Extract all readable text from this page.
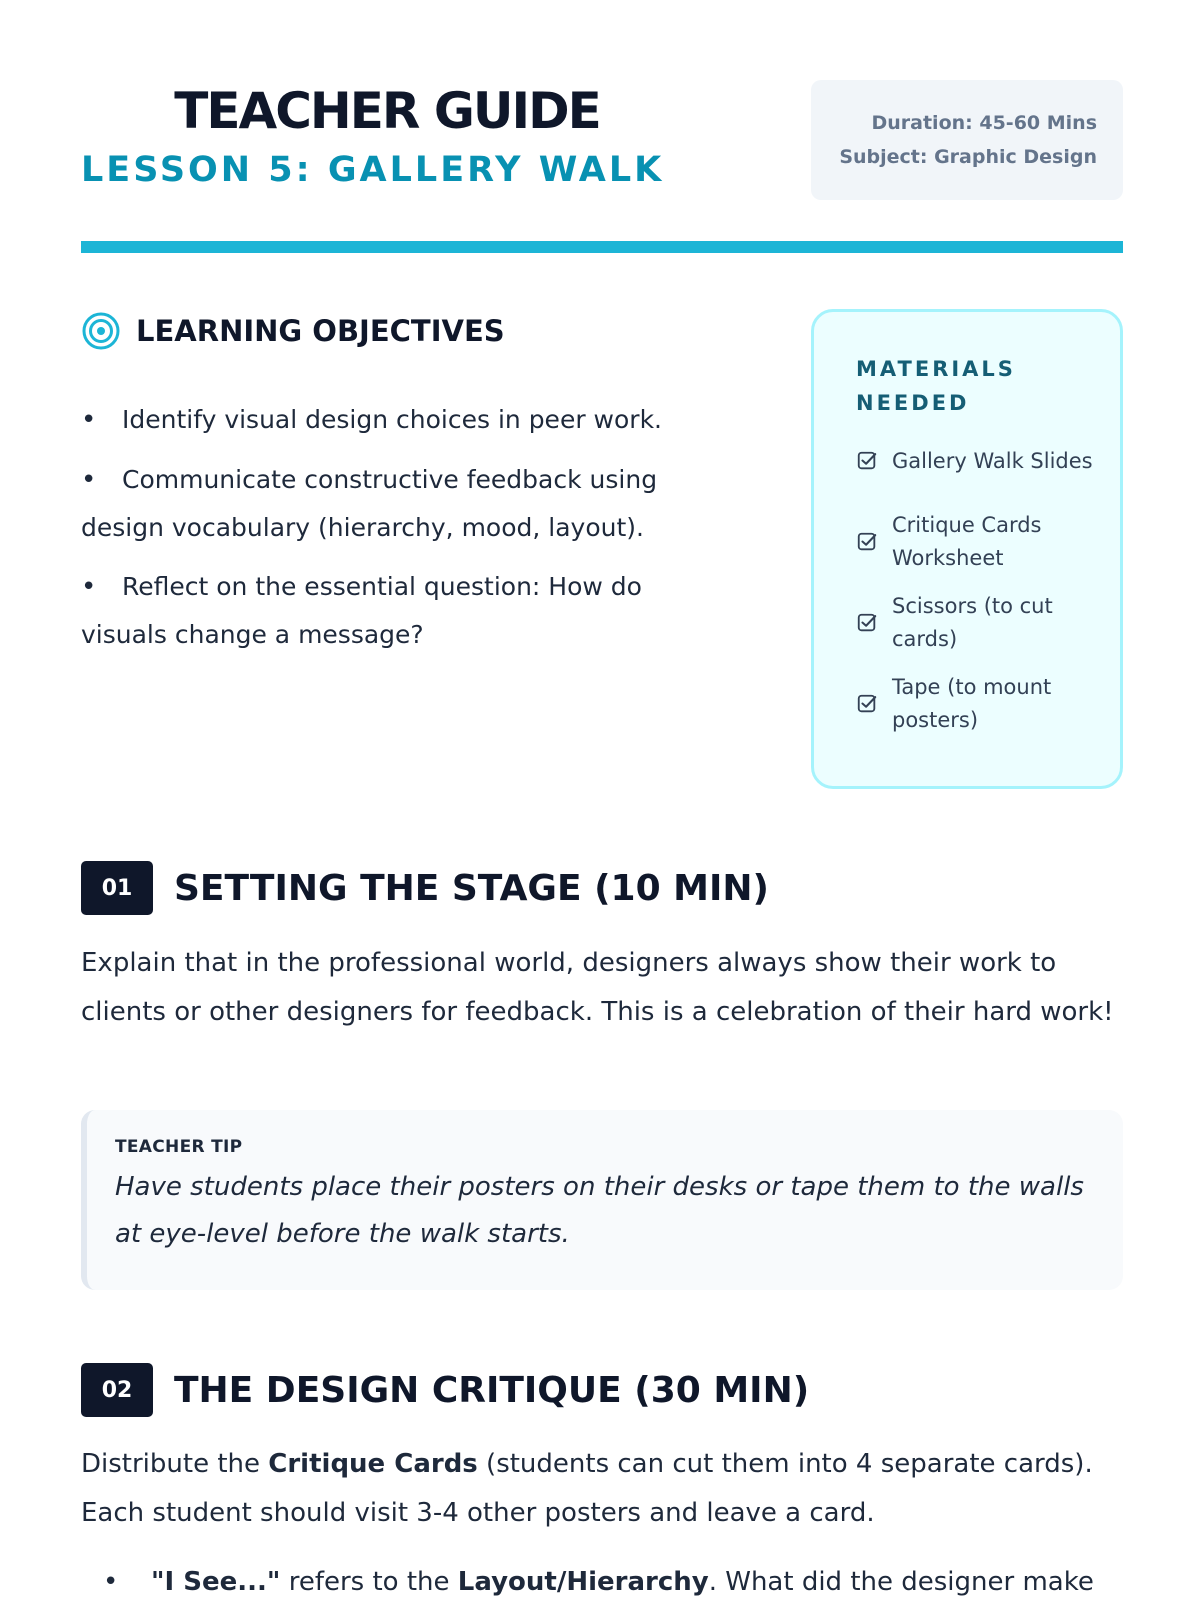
TEACHER GUIDE
LESSON 5: GALLERY WALK
Duration: 45-60 Mins
Subject: Graphic Design
LEARNING OBJECTIVES
• Identify visual design choices in peer work.
• Communicate constructive feedback using design vocabulary (hierarchy, mood, layout).
• Reflect on the essential question: How do visuals change a message?
MATERIALS NEEDED
Gallery Walk Slides
Critique Cards Worksheet
Scissors (to cut cards)
Tape (to mount posters)
01	SETTING THE STAGE (10 MIN)

Explain that in the professional world, designers always show their work to clients or other designers for feedback. This is a celebration of their hard work!

TEACHER TIP
Have students place their posters on their desks or tape them to the walls at eye-level before the walk starts.
02	THE DESIGN CRITIQUE (30 MIN)

Distribute the Critique Cards (students can cut them into 4 separate cards). Each student should visit 3-4 other posters and leave a card.

• "I See..." refers to the Layout/Hierarchy. What did the designer make
